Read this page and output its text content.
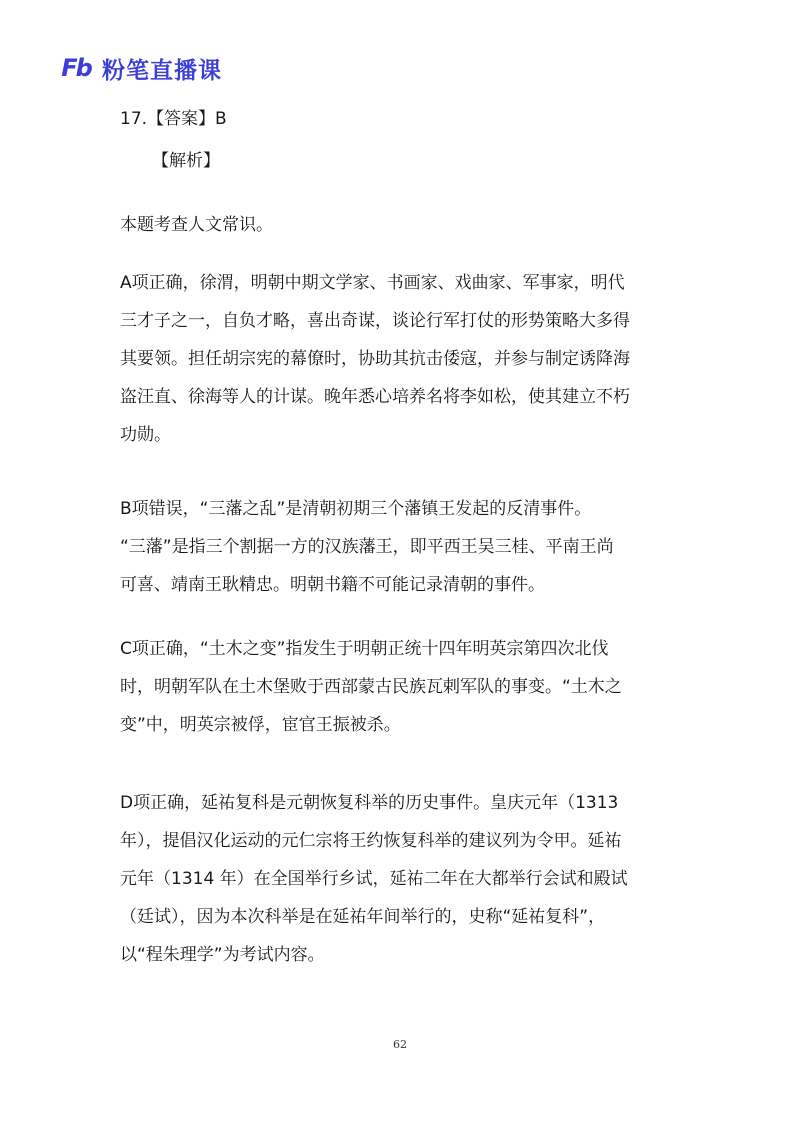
Fb 粉笔直播课
17.【答案】B
【解析】
本题考查人文常识。
A项正确，徐渭，明朝中期文学家、书画家、戏曲家、军事家，明代
三才子之一，自负才略，喜出奇谋，谈论行军打仗的形势策略大多得
其要领。担任胡宗宪的幕僚时，协助其抗击倭寇，并参与制定诱降海
盗汪直、徐海等人的计谋。晚年悉心培养名将李如松，使其建立不朽
功勋。
B项错误，“三藩之乱”是清朝初期三个藩镇王发起的反清事件。
“三藩”是指三个割据一方的汉族藩王，即平西王吴三桂、平南王尚
可喜、靖南王耿精忠。明朝书籍不可能记录清朝的事件。
C项正确，“土木之变”指发生于明朝正统十四年明英宗第四次北伐
时，明朝军队在土木堡败于西部蒙古民族瓦剌军队的事变。“土木之
变”中，明英宗被俘，宦官王振被杀。
D项正确，延祐复科是元朝恢复科举的历史事件。皇庆元年（1313
年），提倡汉化运动的元仁宗将王约恢复科举的建议列为令甲。延祐
元年（1314 年）在全国举行乡试，延祐二年在大都举行会试和殿试
（廷试），因为本次科举是在延祐年间举行的，史称“延祐复科”，
以“程朱理学”为考试内容。
62
